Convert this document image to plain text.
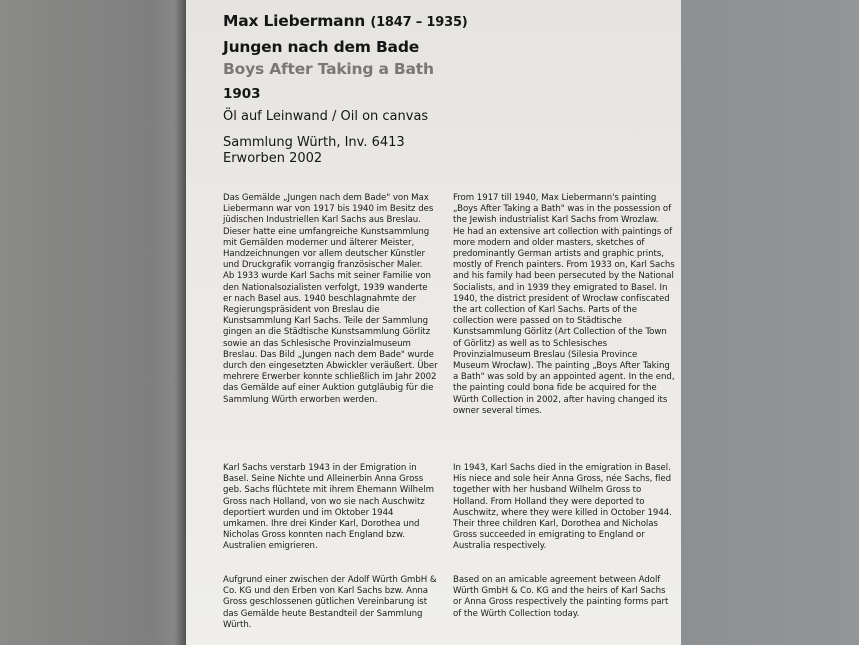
Max Liebermann (1847 – 1935)

Jungen nach dem Bade

Boys After Taking a Bath

1903

Öl auf Leinwand / Oil on canvas

Sammlung Würth, Inv. 6413
Erworben 2002

Das Gemälde „Jungen nach dem Bade" von Max Liebermann war von 1917 bis 1940 im Besitz des jüdischen Industriellen Karl Sachs aus Breslau.

Dieser hatte eine umfangreiche Kunstsammlung mit Gemälden moderner und älterer Meister, Handzeichnungen vor allem deutscher Künstler und Druckgrafik vorrangig französischer Maler.

Ab 1933 wurde Karl Sachs mit seiner Familie von den Nationalsozialisten verfolgt, 1939 wanderte er nach Basel aus. 1940 beschlagnahmte der Regierungspräsident von Breslau die Kunstsammlung Karl Sachs. Teile der Sammlung gingen an die Städtische Kunstsammlung Görlitz sowie an das Schlesische Provinzialmuseum Breslau. Das Bild „Jungen nach dem Bade" wurde durch den eingesetzten Abwickler veräußert. Über mehrere Erwerber konnte schließlich im Jahr 2002 das Gemälde auf einer Auktion gutgläubig für die Sammlung Würth erworben werden.

Karl Sachs verstarb 1943 in der Emigration in Basel. Seine Nichte und Alleinerbin Anna Gross geb. Sachs flüchtete mit ihrem Ehemann Wilhelm Gross nach Holland, von wo sie nach Auschwitz deportiert wurden und im Oktober 1944 umkamen. Ihre drei Kinder Karl, Dorothea und Nicholas Gross konnten nach England bzw. Australien emigrieren.

Aufgrund einer zwischen der Adolf Würth GmbH & Co. KG und den Erben von Karl Sachs bzw. Anna Gross geschlossenen gütlichen Vereinbarung ist das Gemälde heute Bestandteil der Sammlung Würth.

From 1917 till 1940, Max Liebermann's painting „Boys After Taking a Bath" was in the possession of the Jewish industrialist Karl Sachs from Wrozlaw.

He had an extensive art collection with paintings of more modern and older masters, sketches of predominantly German artists and graphic prints, mostly of French painters. From 1933 on, Karl Sachs and his family had been persecuted by the National Socialists, and in 1939 they emigrated to Basel. In 1940, the district president of Wrocław confiscated the art collection of Karl Sachs. Parts of the collection were passed on to Städtische Kunstsammlung Görlitz (Art Collection of the Town of Görlitz) as well as to Schlesisches Provinzialmuseum Breslau (Silesia Province Museum Wrocław). The painting „Boys After Taking a Bath" was sold by an appointed agent. In the end, the painting could bona fide be acquired for the Würth Collection in 2002, after having changed its owner several times.

In 1943, Karl Sachs died in the emigration in Basel. His niece and sole heir Anna Gross, née Sachs, fled together with her husband Wilhelm Gross to Holland. From Holland they were deported to Auschwitz, where they were killed in October 1944. Their three children Karl, Dorothea and Nicholas Gross succeeded in emigrating to England or Australia respectively.

Based on an amicable agreement between Adolf Würth GmbH & Co. KG and the heirs of Karl Sachs or Anna Gross respectively the painting forms part of the Würth Collection today.
